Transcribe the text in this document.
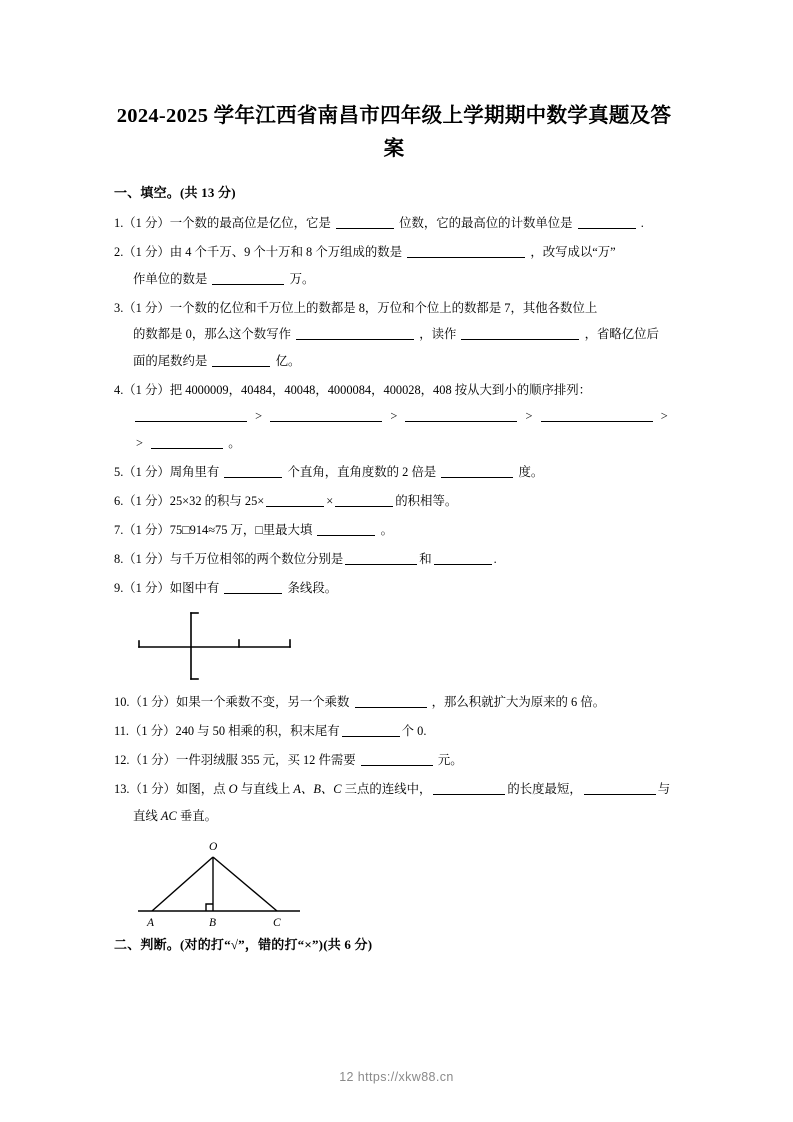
2024-2025 学年江西省南昌市四年级上学期期中数学真题及答案
一、填空。(共 13 分)
1.（1 分）一个数的最高位是亿位，它是	位数，它的最高位的计数单位是	.
2.（1 分）由 4 个千万、9 个十万和 8 个万组成的数是	，改写成以“万”
作单位的数是	万。
3.（1 分）一个数的亿位和千万位上的数都是 8，万位和个位上的数都是 7，其他各数位上
的数都是 0，那么这个数写作	，读作	，省略亿位后
面的尾数约是	亿。
4.（1 分）把 4000009，40484，40048，4000084，400028，408 按从大到小的顺序排列：
>	>	>	>
>	。
5.（1 分）周角里有	个直角，直角度数的 2 倍是	度。
6.（1 分）25×32 的积与 25×	×	的积相等。
7.（1 分）75□914≈75 万，□里最大填	。
8.（1 分）与千万位相邻的两个数位分别是	和	.
9.（1 分）如图中有	条线段。
10.（1 分）如果一个乘数不变，另一个乘数	，那么积就扩大为原来的 6 倍。
11.（1 分）240 与 50 相乘的积，积末尾有	个 0.
12.（1 分）一件羽绒服 355 元，买 12 件需要	元。
13.（1 分）如图，点 O 与直线上 A、B、C 三点的连线中，	的长度最短，	与
直线 AC 垂直。
O
A	B	C
二、判断。(对的打“√”，错的打“×”)(共 6 分)
12 https://xkw88.cn
